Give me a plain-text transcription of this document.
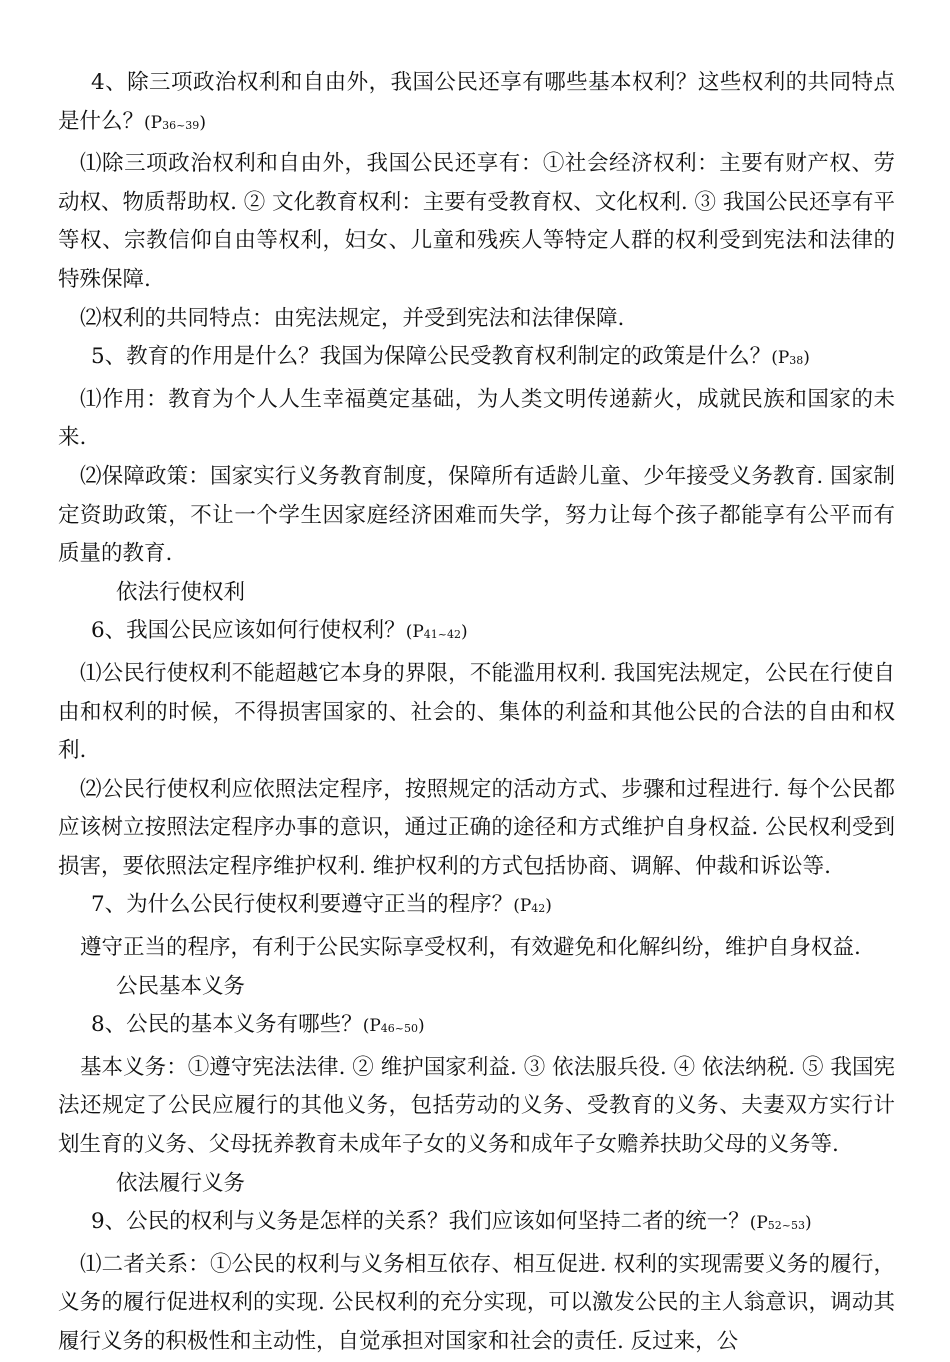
4、除三项政治权利和自由外，我国公民还享有哪些基本权利？这些权利的共同特点是什么？$(P_{36\sim 39})$

⑴除三项政治权利和自由外，我国公民还享有：①社会经济权利：主要有财产权、劳动权、物质帮助权. ② 文化教育权利：主要有受教育权、文化权利. ③ 我国公民还享有平等权、宗教信仰自由等权利，妇女、儿童和残疾人等特定人群的权利受到宪法和法律的特殊保障.

⑵权利的共同特点：由宪法规定，并受到宪法和法律保障.

5、教育的作用是什么？我国为保障公民受教育权利制定的政策是什么？$(P_{38})$

⑴作用：教育为个人人生幸福奠定基础，为人类文明传递薪火，成就民族和国家的未来.

⑵保障政策：国家实行义务教育制度，保障所有适龄儿童、少年接受义务教育. 国家制定资助政策，不让一个学生因家庭经济困难而失学，努力让每个孩子都能享有公平而有质量的教育.

依法行使权利

6、我国公民应该如何行使权利？$(P_{41\sim 42})$

⑴公民行使权利不能超越它本身的界限，不能滥用权利. 我国宪法规定，公民在行使自由和权利的时候，不得损害国家的、社会的、集体的利益和其他公民的合法的自由和权利.

⑵公民行使权利应依照法定程序，按照规定的活动方式、步骤和过程进行. 每个公民都应该树立按照法定程序办事的意识，通过正确的途径和方式维护自身权益. 公民权利受到损害，要依照法定程序维护权利. 维护权利的方式包括协商、调解、仲裁和诉讼等.

7、为什么公民行使权利要遵守正当的程序？$(P_{42})$

遵守正当的程序，有利于公民实际享受权利，有效避免和化解纠纷，维护自身权益.

公民基本义务

8、公民的基本义务有哪些？$(P_{46\sim 50})$

基本义务：①遵守宪法法律. ② 维护国家利益. ③ 依法服兵役. ④ 依法纳税. ⑤ 我国宪法还规定了公民应履行的其他义务，包括劳动的义务、受教育的义务、夫妻双方实行计划生育的义务、父母抚养教育未成年子女的义务和成年子女赡养扶助父母的义务等.

依法履行义务

9、公民的权利与义务是怎样的关系？我们应该如何坚持二者的统一？$(P_{52\sim 53})$

⑴二者关系：①公民的权利与义务相互依存、相互促进. 权利的实现需要义务的履行，义务的履行促进权利的实现. 公民权利的充分实现，可以激发公民的主人翁意识，调动其履行义务的积极性和主动性，自觉承担对国家和社会的责任. 反过来，公
